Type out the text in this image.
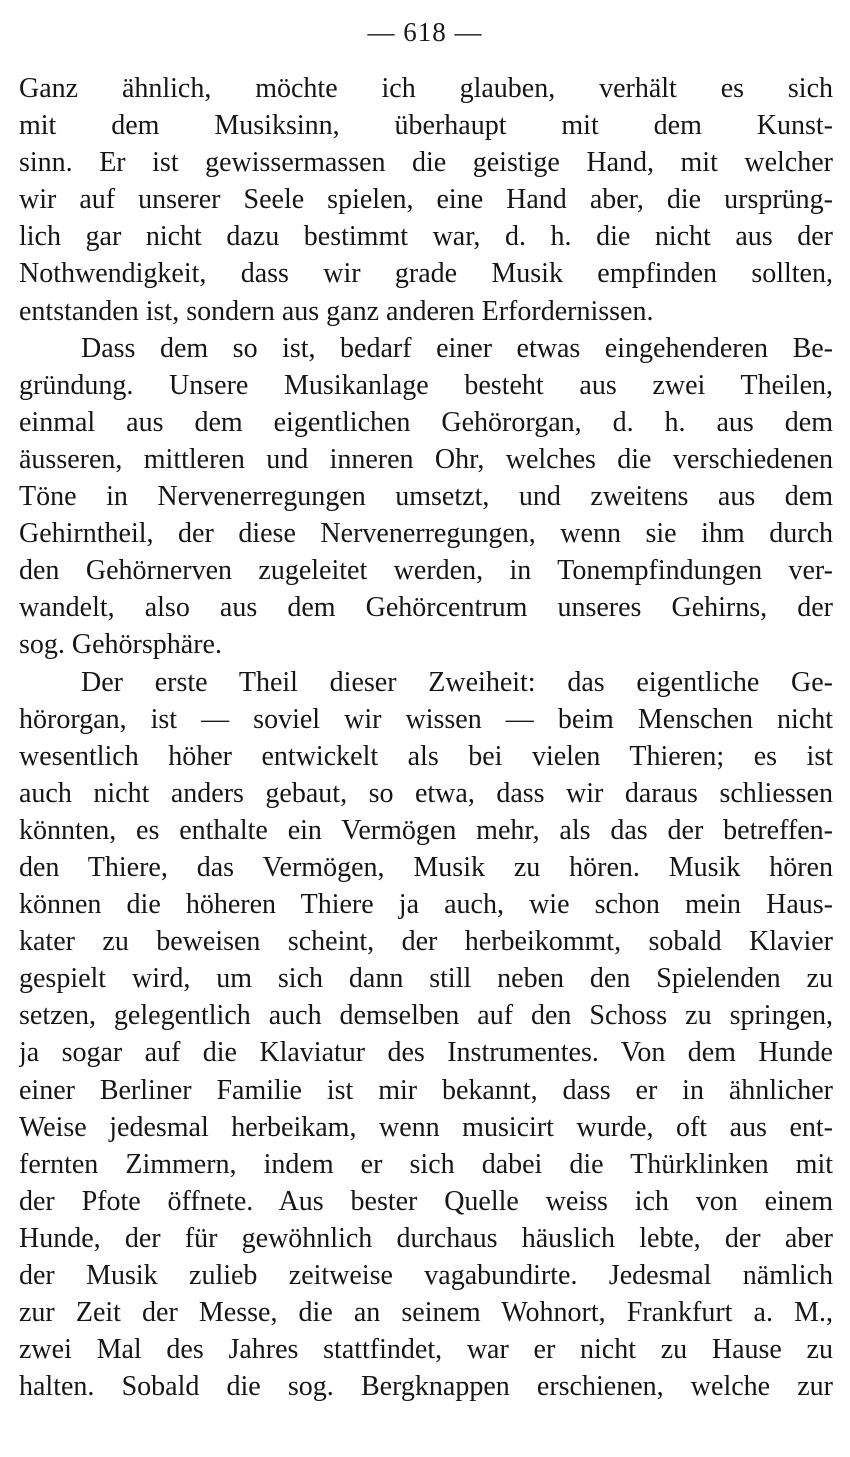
— 618 —
Ganz ähnlich, möchte ich glauben, verhält es sich
mit dem Musiksinn, überhaupt mit dem Kunst-
sinn. Er ist gewissermassen die geistige Hand, mit welcher
wir auf unserer Seele spielen, eine Hand aber, die ursprüng-
lich gar nicht dazu bestimmt war, d. h. die nicht aus der
Nothwendigkeit, dass wir grade Musik empfinden sollten,
entstanden ist, sondern aus ganz anderen Erfordernissen.
Dass dem so ist, bedarf einer etwas eingehenderen Be-
gründung. Unsere Musikanlage besteht aus zwei Theilen,
einmal aus dem eigentlichen Gehörorgan, d. h. aus dem
äusseren, mittleren und inneren Ohr, welches die verschiedenen
Töne in Nervenerregungen umsetzt, und zweitens aus dem
Gehirntheil, der diese Nervenerregungen, wenn sie ihm durch
den Gehörnerven zugeleitet werden, in Tonempfindungen ver-
wandelt, also aus dem Gehörcentrum unseres Gehirns, der
sog. Gehörsphäre.
Der erste Theil dieser Zweiheit: das eigentliche Ge-
hörorgan, ist — soviel wir wissen — beim Menschen nicht
wesentlich höher entwickelt als bei vielen Thieren; es ist
auch nicht anders gebaut, so etwa, dass wir daraus schliessen
könnten, es enthalte ein Vermögen mehr, als das der betreffen-
den Thiere, das Vermögen, Musik zu hören. Musik hören
können die höheren Thiere ja auch, wie schon mein Haus-
kater zu beweisen scheint, der herbeikommt, sobald Klavier
gespielt wird, um sich dann still neben den Spielenden zu
setzen, gelegentlich auch demselben auf den Schoss zu springen,
ja sogar auf die Klaviatur des Instrumentes. Von dem Hunde
einer Berliner Familie ist mir bekannt, dass er in ähnlicher
Weise jedesmal herbeikam, wenn musicirt wurde, oft aus ent-
fernten Zimmern, indem er sich dabei die Thürklinken mit
der Pfote öffnete. Aus bester Quelle weiss ich von einem
Hunde, der für gewöhnlich durchaus häuslich lebte, der aber
der Musik zulieb zeitweise vagabundirte. Jedesmal nämlich
zur Zeit der Messe, die an seinem Wohnort, Frankfurt a. M.,
zwei Mal des Jahres stattfindet, war er nicht zu Hause zu
halten. Sobald die sog. Bergknappen erschienen, welche zur
